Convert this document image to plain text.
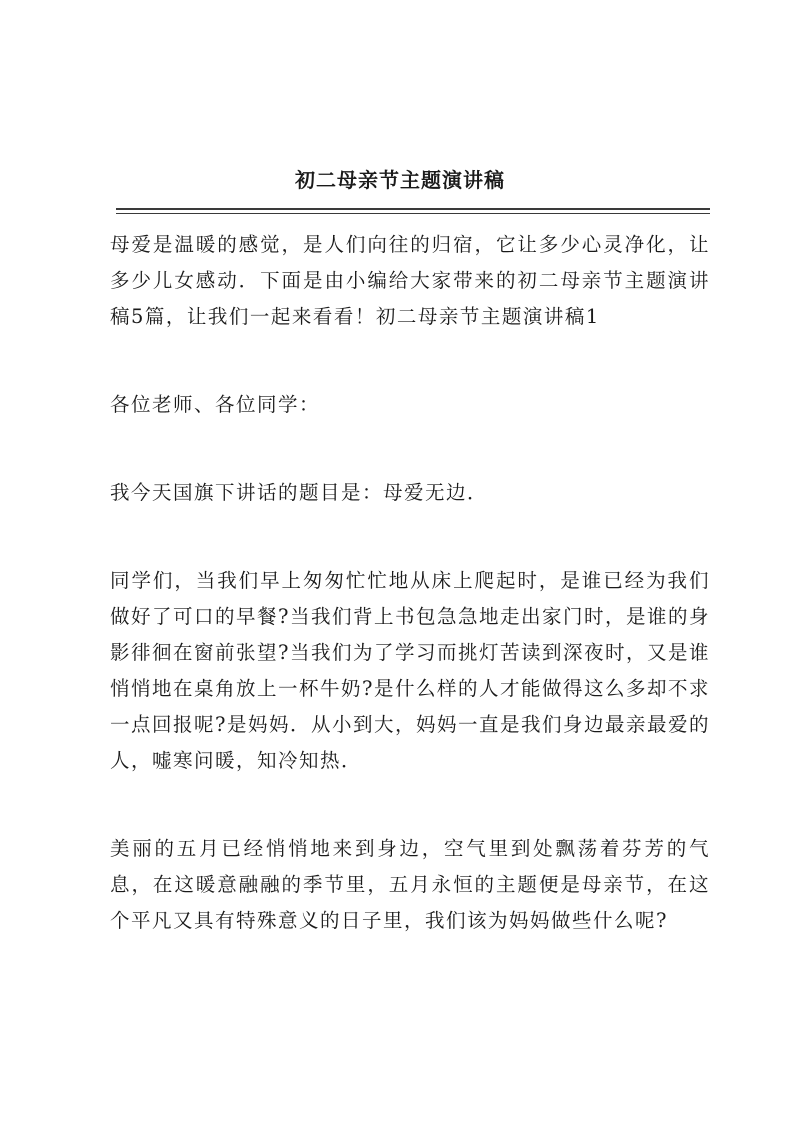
初二母亲节主题演讲稿

母爱是温暖的感觉，是人们向往的归宿，它让多少心灵净化，让多少儿女感动．下面是由小编给大家带来的初二母亲节主题演讲稿5篇，让我们一起来看看！初二母亲节主题演讲稿1

各位老师、各位同学：

我今天国旗下讲话的题目是：母爱无边．

同学们，当我们早上匆匆忙忙地从床上爬起时，是谁已经为我们做好了可口的早餐?当我们背上书包急急地走出家门时，是谁的身影徘徊在窗前张望?当我们为了学习而挑灯苦读到深夜时，又是谁悄悄地在桌角放上一杯牛奶?是什么样的人才能做得这么多却不求一点回报呢?是妈妈．从小到大，妈妈一直是我们身边最亲最爱的人，嘘寒问暖，知冷知热．

美丽的五月已经悄悄地来到身边，空气里到处飘荡着芬芳的气息，在这暖意融融的季节里，五月永恒的主题便是母亲节，在这个平凡又具有特殊意义的日子里，我们该为妈妈做些什么呢?
